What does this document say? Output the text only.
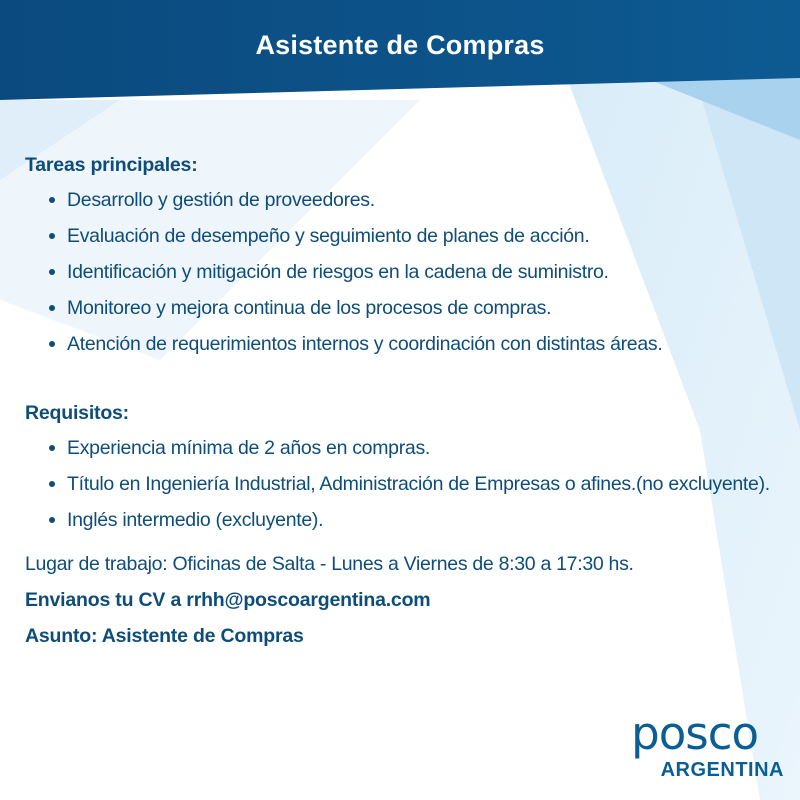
Asistente de Compras
Tareas principales:
Desarrollo y gestión de proveedores.
Evaluación de desempeño y seguimiento de planes de acción.
Identificación y mitigación de riesgos en la cadena de suministro.
Monitoreo y mejora continua de los procesos de compras.
Atención de requerimientos internos y coordinación con distintas áreas.
Requisitos:
Experiencia mínima de 2 años en compras.
Título en Ingeniería Industrial, Administración de Empresas o afines.(no excluyente).
Inglés intermedio (excluyente).
Lugar de trabajo: Oficinas de Salta - Lunes a Viernes de 8:30 a 17:30 hs.
Envianos tu CV a rrhh@poscoargentina.com
Asunto: Asistente de Compras
posco
ARGENTINA
